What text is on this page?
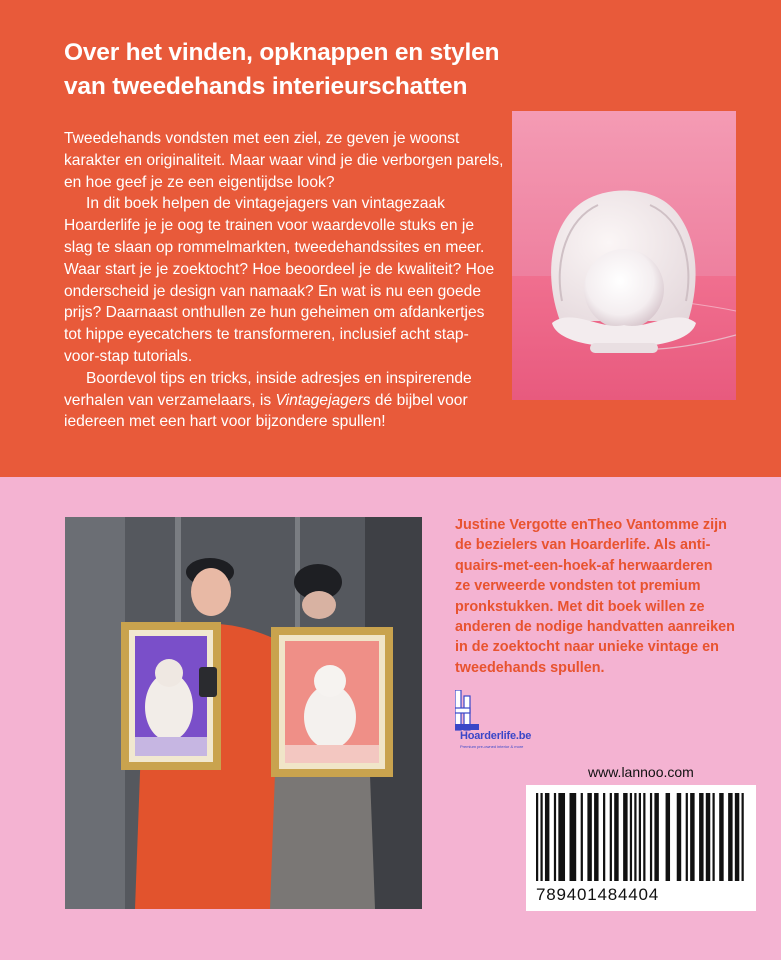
Over het vinden, opknappen en stylen
van tweedehands interieurschatten

Tweedehands vondsten met een ziel, ze geven je woonst karakter en originaliteit. Maar waar vind je die verborgen parels, en hoe geef je ze een eigentijdse look?

In dit boek helpen de vintagejagers van vintagezaak Hoarderlife je je oog te trainen voor waardevolle stuks en je slag te slaan op rommelmarkten, tweedehandssites en meer. Waar start je je zoektocht? Hoe beoordeel je de kwaliteit? Hoe onderscheid je design van namaak? En wat is nu een goede prijs? Daarnaast onthullen ze hun geheimen om afdankertjes tot hippe eyecatchers te transformeren, inclusief acht stap-voor-stap tutorials.

Boordevol tips en tricks, inside adresjes en inspirerende verhalen van verzamelaars, is Vintagejagers dé bijbel voor iedereen met een hart voor bijzondere spullen!

Justine Vergotte enTheo Vantomme zijn
de bezielers van Hoarderlife. Als anti-
quairs-met-een-hoek-af herwaarderen
ze verweerde vondsten tot premium
pronkstukken. Met dit boek willen ze
anderen de nodige handvatten aanreiken
in de zoektocht naar unieke vintage en
tweedehands spullen.

Hoarderlife.be
Premium pre-owned interior & more
www.lannoo.com
789401484404
